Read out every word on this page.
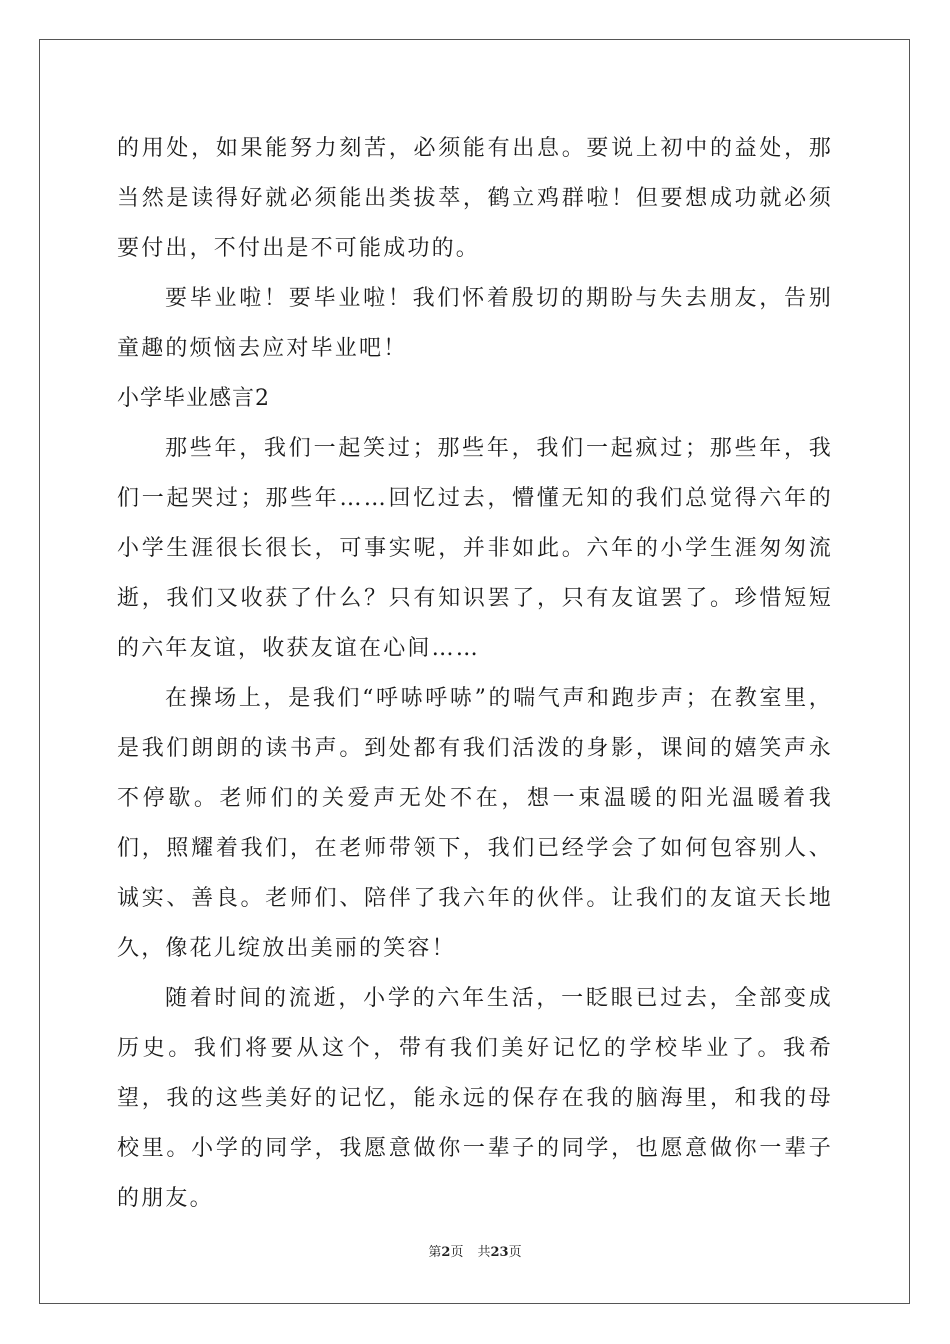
的用处，如果能努力刻苦，必须能有出息。要说上初中的益处，那当然是读得好就必须能出类拔萃，鹤立鸡群啦！但要想成功就必须要付出，不付出是不可能成功的。

要毕业啦！要毕业啦！我们怀着殷切的期盼与失去朋友，告别童趣的烦恼去应对毕业吧！

小学毕业感言2

那些年，我们一起笑过；那些年，我们一起疯过；那些年，我们一起哭过；那些年……回忆过去，懵懂无知的我们总觉得六年的小学生涯很长很长，可事实呢，并非如此。六年的小学生涯匆匆流逝，我们又收获了什么？只有知识罢了，只有友谊罢了。珍惜短短的六年友谊，收获友谊在心间……

在操场上，是我们“呼哧呼哧”的喘气声和跑步声；在教室里，是我们朗朗的读书声。到处都有我们活泼的身影，课间的嬉笑声永不停歇。老师们的关爱声无处不在，想一束温暖的阳光温暖着我们，照耀着我们，在老师带领下，我们已经学会了如何包容别人、诚实、善良。老师们、陪伴了我六年的伙伴。让我们的友谊天长地久，像花儿绽放出美丽的笑容！

随着时间的流逝，小学的六年生活，一眨眼已过去，全部变成历史。我们将要从这个，带有我们美好记忆的学校毕业了。我希望，我的这些美好的记忆，能永远的保存在我的脑海里，和我的母校里。小学的同学，我愿意做你一辈子的同学，也愿意做你一辈子的朋友。

第2页 共23页
